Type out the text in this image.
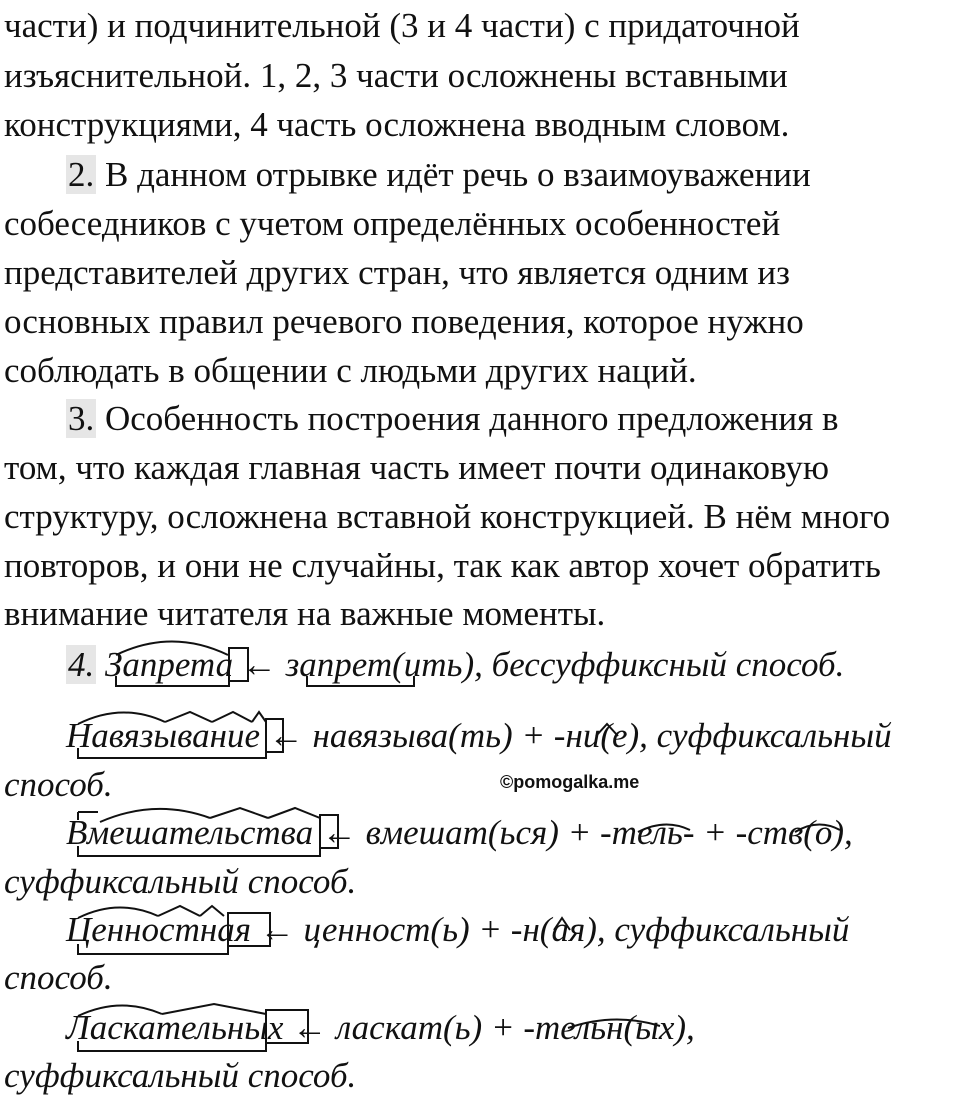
части) и подчинительной (3 и 4 части) с придаточной
изъяснительной. 1, 2, 3 части осложнены вставными
конструкциями, 4 часть осложнена вводным словом.
2. В данном отрывке идёт речь о взаимоуважении
собеседников с учетом определённых особенностей
представителей других стран, что является одним из
основных правил речевого поведения, которое нужно
соблюдать в общении с людьми других наций.
3. Особенность построения данного предложения в
том, что каждая главная часть имеет почти одинаковую
структуру, осложнена вставной конструкцией. В нём много
повторов, и они не случайны, так как автор хочет обратить
внимание читателя на важные моменты.
4. Запрета ← запрет(ить), бессуффиксный способ.
Навязывание ← навязыва(ть) + -ни(е), суффиксальный
способ.
Вмешательства ← вмешат(ься) + -тель- + -ств(о),
суффиксальный способ.
Ценностная ← ценност(ь) + -н(ая), суффиксальный
способ.
Ласкательных ← ласкат(ь) + -тельн(ых),
суффиксальный способ.
©pomogalka.me
